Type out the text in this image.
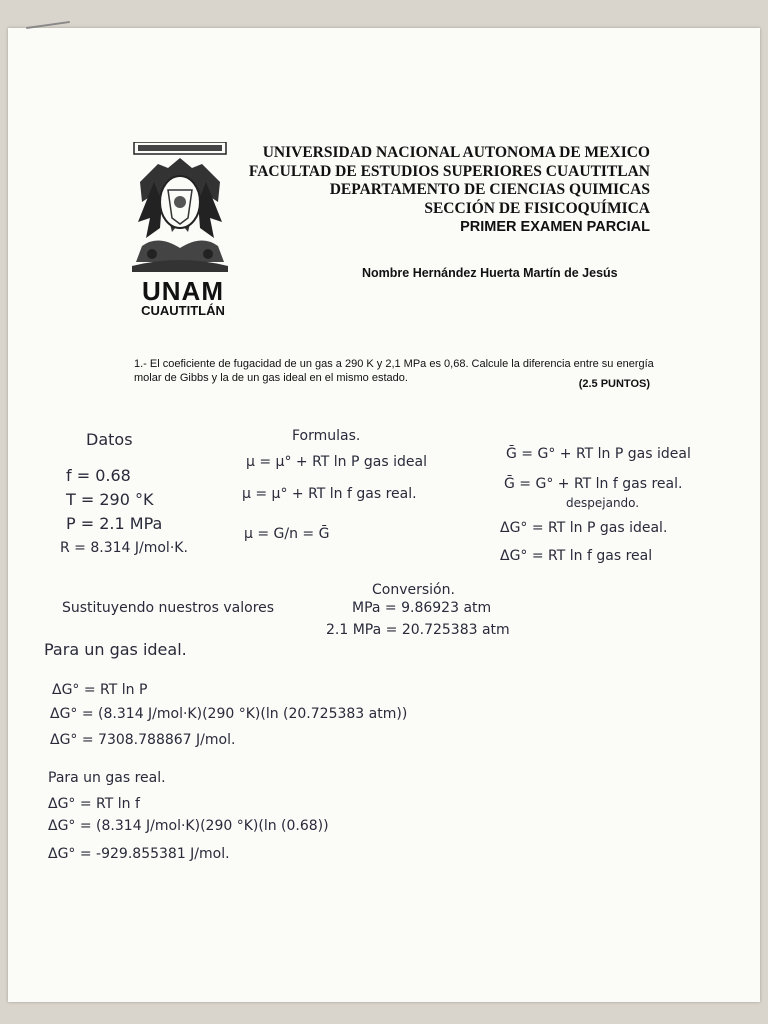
UNAM
CUAUTITLÁN
UNIVERSIDAD NACIONAL AUTONOMA DE MEXICO
FACULTAD DE ESTUDIOS SUPERIORES CUAUTITLAN
DEPARTAMENTO DE CIENCIAS QUIMICAS
SECCIÓN DE FISICOQUÍMICA
PRIMER EXAMEN PARCIAL
Nombre Hernández Huerta Martín de Jesús
1.- El coeficiente de fugacidad de un gas a 290 K y 2,1 MPa es 0,68. Calcule la diferencia entre su energía molar de Gibbs y la de un gas ideal en el mismo estado.
(2.5 PUNTOS)
Datos
f = 0.68
T = 290 °K
P = 2.1 MPa
R = 8.314 J/mol·K.
Formulas.
μ = μ° + RT ln P gas ideal
μ = μ° + RT ln f gas real.
μ = G/n = Ḡ
Ḡ = G° + RT ln P gas ideal
Ḡ = G° + RT ln f gas real.
despejando.
ΔG° = RT ln P gas ideal.
ΔG° = RT ln f gas real
Conversión.
MPa = 9.86923 atm
2.1 MPa = 20.725383 atm
Sustituyendo nuestros valores
Para un gas ideal.
ΔG° = RT ln P
ΔG° = (8.314 J/mol·K)(290 °K)(ln (20.725383 atm))
ΔG° = 7308.788867 J/mol.
Para un gas real.
ΔG° = RT ln f
ΔG° = (8.314 J/mol·K)(290 °K)(ln (0.68))
ΔG° = -929.855381 J/mol.
